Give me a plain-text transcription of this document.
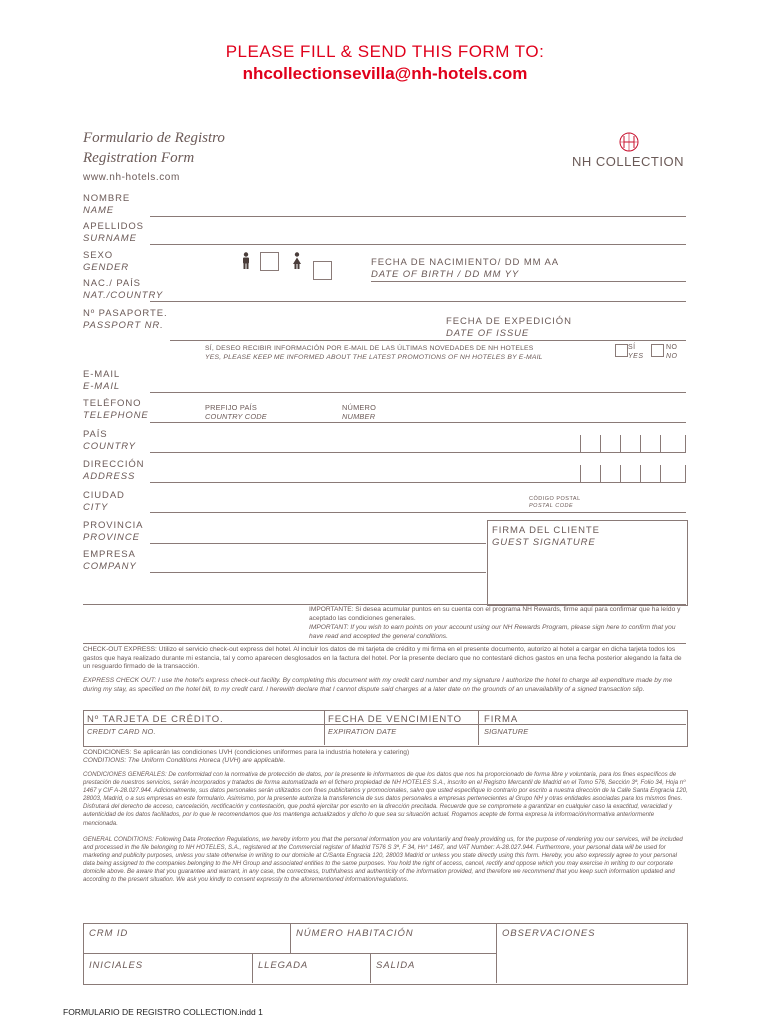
PLEASE FILL & SEND THIS FORM TO:
nhcollectionsevilla@nh-hotels.com
Formulario de Registro
Registration Form
www.nh-hotels.com
NH COLLECTION
NOMBRE
NAME
APELLIDOS
SURNAME
SEXO
GENDER	FECHA DE NACIMIENTO/ DD MM AA
DATE OF BIRTH / DD MM YY
NAC./ PAÍS
NAT./COUNTRY
Nº PASAPORTE.
PASSPORT NR.	FECHA DE EXPEDICIÓN
DATE OF ISSUE
SÍ, DESEO RECIBIR INFORMACIÓN POR E-MAIL DE LAS ÚLTIMAS NOVEDADES DE NH HOTELES
YES, PLEASE KEEP ME INFORMED ABOUT THE LATEST PROMOTIONS OF NH HOTELES BY E-MAIL
SÍ
YES
NO
NO
E-MAIL
E-MAIL
TELÉFONO
TELEPHONE
PREFIJO PAÍS
COUNTRY CODE
NÚMERO
NUMBER
PAÍS
COUNTRY
DIRECCIÓN
ADDRESS
CIUDAD
CITY
CÓDIGO POSTAL
POSTAL CODE
PROVINCIA
PROVINCE
EMPRESA
COMPANY
FIRMA DEL CLIENTE
GUEST SIGNATURE
IMPORTANTE: Si desea acumular puntos en su cuenta con el programa NH Rewards, firme aquí para confirmar que ha leído y aceptado las condiciones generales.
IMPORTANT: If you wish to earn points on your account using our NH Rewards Program, please sign here to confirm that you have read and accepted the general conditions.
CHECK-OUT EXPRESS: Utilizo el servicio check-out express del hotel. Al incluir los datos de mi tarjeta de crédito y mi firma en el presente documento, autorizo al hotel a cargar en dicha tarjeta todos los gastos que haya realizado durante mi estancia, tal y como aparecen desglosados en la factura del hotel. Por la presente declaro que no contestaré dichos gastos en una fecha posterior alegando la falta de un resguardo firmado de la transacción.
EXPRESS CHECK OUT: I use the hotel's express check-out facility. By completing this document with my credit card number and my signature I authorize the hotel to charge all expenditure made by me during my stay, as specified on the hotel bill, to my credit card. I herewith declare that I cannot dispute said charges at a later date on the grounds of an unavailability of a signed transaction slip.
Nº TARJETA DE CRÉDITO.
CREDIT CARD NO.
FECHA DE VENCIMIENTO
EXPIRATION DATE
FIRMA
SIGNATURE
CONDICIONES: Se aplicarán las condiciones UVH (condiciones uniformes para la industria hotelera y catering)
CONDITIONS: The Uniform Conditions Horeca (UVH) are applicable.
CONDICIONES GENERALES: De conformidad con la normativa de protección de datos, por la presente le informamos de que los datos que nos ha proporcionado de forma libre y voluntaria, para los fines específicos de prestación de nuestros servicios, serán incorporados y tratados de forma automatizada en el fichero propiedad de NH HOTELES S.A., inscrito en el Registro Mercantil de Madrid en el Tomo 576, Sección 3ª, Folio 34, Hoja nº 1467 y CIF A-28.027.944. Adicionalmente, sus datos personales serán utilizados con fines publicitarios y promocionales, salvo que usted especifique lo contrario por escrito a nuestra dirección de la Calle Santa Engracia 120, 28003, Madrid, o a sus empresas en este formulario. Asimismo, por la presente autoriza la transferencia de sus datos personales a empresas pertenecientes al Grupo NH y otras entidades asociadas para los mismos fines. Disfrutará del derecho de acceso, cancelación, rectificación y contestación, que podrá ejercitar por escrito en la dirección precitada. Recuerde que se compromete a garantizar en cualquier caso la exactitud, veracidad y autenticidad de los datos facilitados, por lo que le recomendamos que los mantenga actualizados y dicho lo que sea su situación actual. Rogamos acepte de forma expresa la información/normativa anteriormente mencionada.
GENERAL CONDITIONS: Following Data Protection Regulations, we hereby inform you that the personal information you are voluntarily and freely providing us, for the purpose of rendering you our services, will be included and processed in the file belonging to NH HOTELES, S.A., registered at the Commercial register of Madrid T576 S 3ª, F 34, Hn° 1467, and VAT Number: A-28.027.944. Furthermore, your personal data will be used for marketing and publicity purposes, unless you state otherwise in writing to our domicile at C/Santa Engracia 120, 28003 Madrid or unless you state directly using this form. Hereby, you also expressly agree to your personal data being assigned to the companies belonging to the NH Group and associated entities to the same purposes. You hold the right of access, cancel, rectify and oppose which you may exercise in writing to our corporate domicile above. Be aware that you guarantee and warrant, in any case, the correctness, truthfulness and authenticity of the information provided, and therefore we recommend that you keep such information updated and according to the present situation. We ask you kindly to consent expressly to the aforementioned information/regulations.
CRM ID	NÚMERO HABITACIÓN	OBSERVACIONES
INICIALES	LLEGADA	SALIDA
FORMULARIO DE REGISTRO COLLECTION.indd 1
